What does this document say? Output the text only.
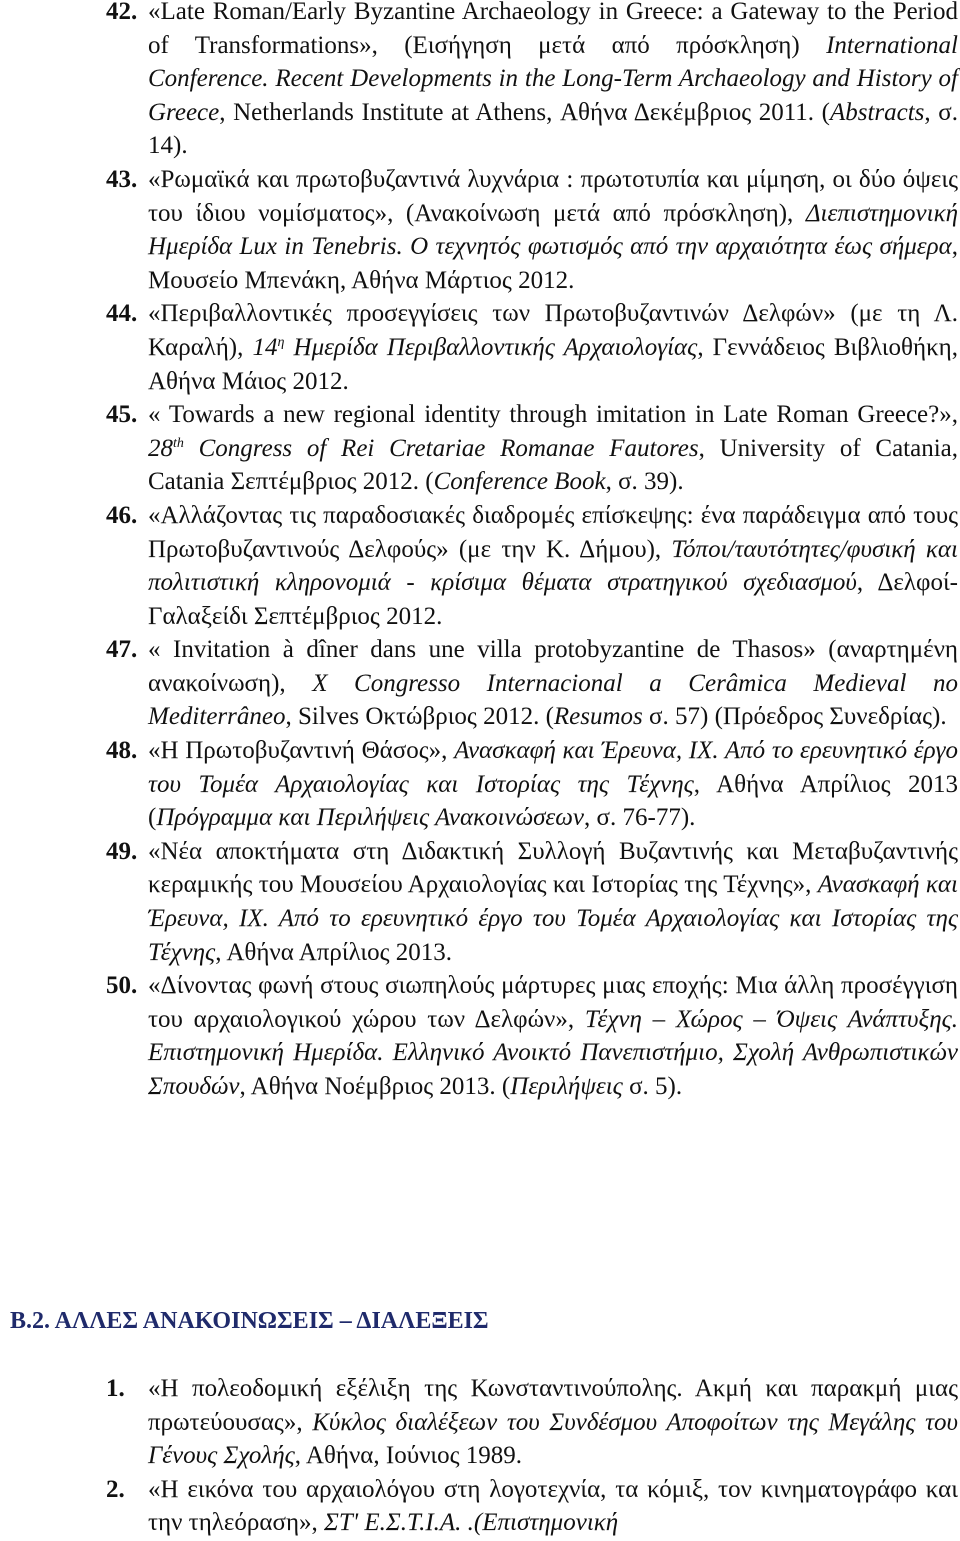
42. «Late Roman/Early Byzantine Archaeology in Greece: a Gateway to the Period of Transformations», (Εισήγηση μετά από πρόσκληση) International Conference. Recent Developments in the Long-Term Archaeology and History of Greece, Netherlands Institute at Athens, Αθήνα Δεκέμβριος 2011. (Abstracts, σ. 14).
43. «Ρωμαϊκά και πρωτοβυζαντινά λυχνάρια : πρωτοτυπία και μίμηση, οι δύο όψεις του ίδιου νομίσματος», (Ανακοίνωση μετά από πρόσκληση), Διεπιστημονική Ημερίδα Lux in Tenebris. Ο τεχνητός φωτισμός από την αρχαιότητα έως σήμερα, Μουσείο Μπενάκη, Αθήνα Μάρτιος 2012.
44. «Περιβαλλοντικές προσεγγίσεις των Πρωτοβυζαντινών Δελφών» (με τη Λ. Καραλή), $14^\eta$ Ημερίδα Περιβαλλοντικής Αρχαιολογίας, Γεννάδειος Βιβλιοθήκη, Αθήνα Μάιος 2012.
45. « Towards a new regional identity through imitation in Late Roman Greece?», 28th Congress of Rei Cretariae Romanae Fautores, University of Catania, Catania Σεπτέμβριος 2012. (Conference Book, σ. 39).
46. «Αλλάζοντας τις παραδοσιακές διαδρομές επίσκεψης: ένα παράδειγμα από τους Πρωτοβυζαντινούς Δελφούς» (με την Κ. Δήμου), Τόποι/ταυτότητες/φυσική και πολιτιστική κληρονομιά - κρίσιμα θέματα στρατηγικού σχεδιασμού, Δελφοί-Γαλαξείδι Σεπτέμβριος 2012.
47. « Invitation à dîner dans une villa protobyzantine de Thasos» (αναρτημένη ανακοίνωση), X Congresso Internacional a Cerâmica Medieval no Mediterrâneo, Silves Οκτώβριος 2012. (Resumos σ. 57) (Πρόεδρος Συνεδρίας).
48. «Η Πρωτοβυζαντινή Θάσος», Ανασκαφή και Έρευνα, ΙΧ. Από το ερευνητικό έργο του Τομέα Αρχαιολογίας και Ιστορίας της Τέχνης, Αθήνα Απρίλιος 2013 (Πρόγραμμα και Περιλήψεις Ανακοινώσεων, σ. 76-77).
49. «Νέα αποκτήματα στη Διδακτική Συλλογή Βυζαντινής και Μεταβυζαντινής κεραμικής του Μουσείου Αρχαιολογίας και Ιστορίας της Τέχνης», Ανασκαφή και Έρευνα, ΙΧ. Από το ερευνητικό έργο του Τομέα Αρχαιολογίας και Ιστορίας της Τέχνης, Αθήνα Απρίλιος 2013.
50. «Δίνοντας φωνή στους σιωπηλούς μάρτυρες μιας εποχής: Μια άλλη προσέγγιση του αρχαιολογικού χώρου των Δελφών», Τέχνη – Χώρος – Όψεις Ανάπτυξης. Επιστημονική Ημερίδα. Ελληνικό Ανοικτό Πανεπιστήμιο, Σχολή Ανθρωπιστικών Σπουδών, Αθήνα Νοέμβριος 2013. (Περιλήψεις σ. 5).
Β.2. ΑΛΛΕΣ ΑΝΑΚΟΙΝΩΣΕΙΣ – ΔΙΑΛΕΞΕΙΣ
1. «Η πολεοδομική εξέλιξη της Κωνσταντινούπολης. Ακμή και παρακμή μιας πρωτεύουσας», Κύκλος διαλέξεων του Συνδέσμου Αποφοίτων της Μεγάλης του Γένους Σχολής, Αθήνα, Ιούνιος 1989.
2. «Η εικόνα του αρχαιολόγου στη λογοτεχνία, τα κόμιξ, τον κινηματογράφο και την τηλεόραση», ΣΤ' Ε.Σ.Τ.Ι.Α. .(Επιστημονική
